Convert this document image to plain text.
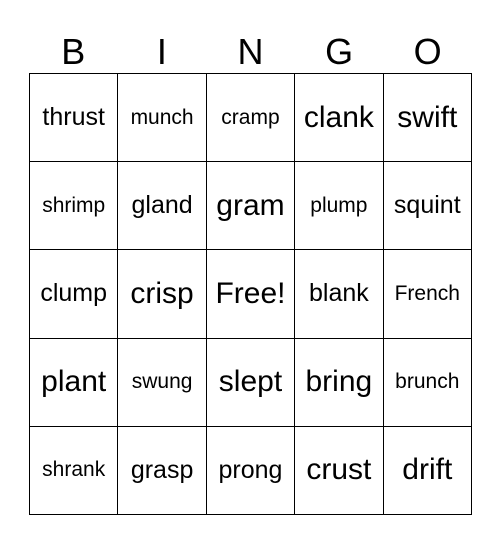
B	I	N	G	O
thrust	munch	cramp	clank	swift
shrimp	gland	gram	plump	squint
clump	crisp	Free!	blank	French
plant	swung	slept	bring	brunch
shrank	grasp	prong	crust	drift
